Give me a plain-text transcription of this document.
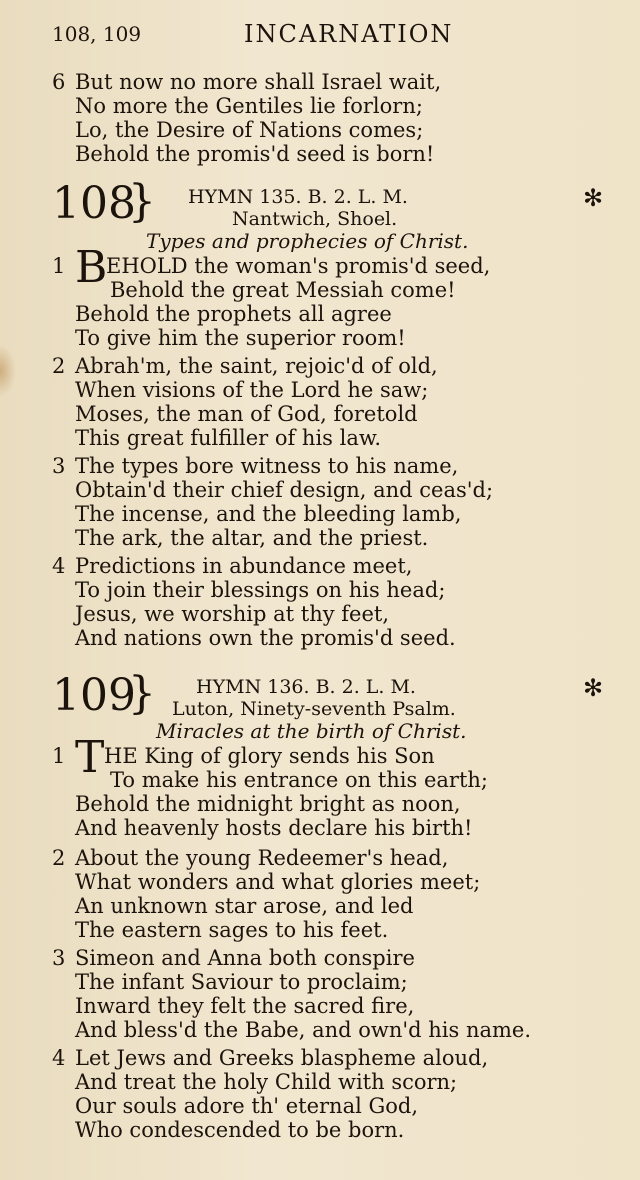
108, 109	INCARNATION
6 But now no more shall Israel wait,
No more the Gentiles lie forlorn;
Lo, the Desire of Nations comes;
Behold the promis'd seed is born!
108
} HYMN 135. B. 2. L. M.	✻
Nantwich, Shoel.
Types and prophecies of Christ.
1 B
EHOLD the woman's promis'd seed,
Behold the great Messiah come!
Behold the prophets all agree
To give him the superior room!
2 Abrah'm, the saint, rejoic'd of old,
When visions of the Lord he saw;
Moses, the man of God, foretold
This great fulfiller of his law.
3 The types bore witness to his name,
Obtain'd their chief design, and ceas'd;
The incense, and the bleeding lamb,
The ark, the altar, and the priest.
4 Predictions in abundance meet,
To join their blessings on his head;
Jesus, we worship at thy feet,
And nations own the promis'd seed.
109
} HYMN 136. B. 2. L. M.	✻
Luton, Ninety-seventh Psalm.
Miracles at the birth of Christ.
1 T HE King of glory sends his Son
To make his entrance on this earth;
Behold the midnight bright as noon,
And heavenly hosts declare his birth!
2 About the young Redeemer's head,
What wonders and what glories meet;
An unknown star arose, and led
The eastern sages to his feet.
3 Simeon and Anna both conspire
The infant Saviour to proclaim;
Inward they felt the sacred fire,
And bless'd the Babe, and own'd his name.
4 Let Jews and Greeks blaspheme aloud,
And treat the holy Child with scorn;
Our souls adore th' eternal God,
Who condescended to be born.
